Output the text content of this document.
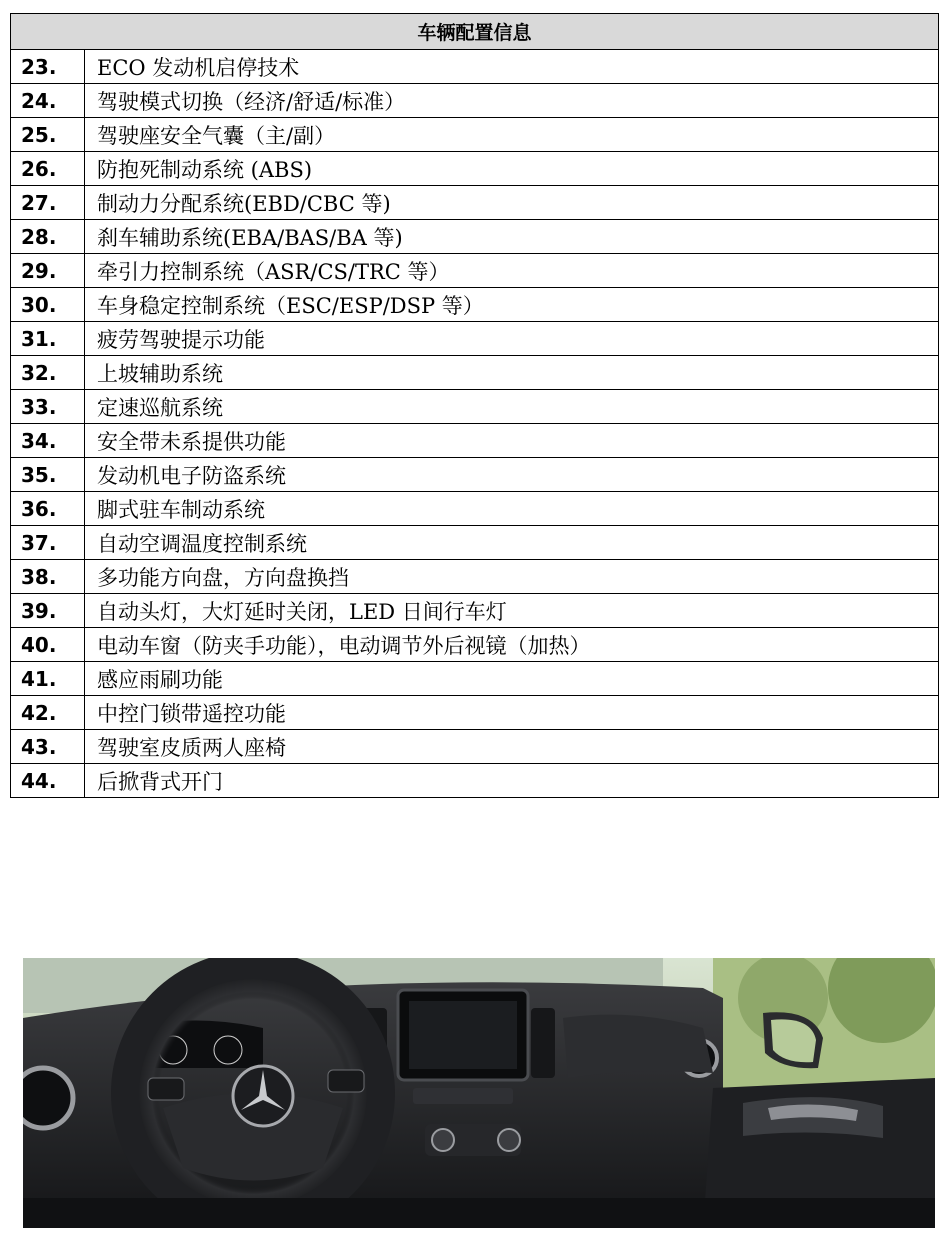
车辆配置信息	
23.	ECO 发动机启停技术
24.	驾驶模式切换（经济/舒适/标准）
25.	驾驶座安全气囊（主/副）
26.	防抱死制动系统 (ABS)
27.	制动力分配系统(EBD/CBC 等)
28.	刹车辅助系统(EBA/BAS/BA 等)
29.	牵引力控制系统（ASR/CS/TRC 等）
30.	车身稳定控制系统（ESC/ESP/DSP 等）
31.	疲劳驾驶提示功能
32.	上坡辅助系统
33.	定速巡航系统
34.	安全带未系提供功能
35.	发动机电子防盗系统
36.	脚式驻车制动系统
37.	自动空调温度控制系统
38.	多功能方向盘，方向盘换挡
39.	自动头灯，大灯延时关闭，LED 日间行车灯
40.	电动车窗（防夹手功能），电动调节外后视镜（加热）
41.	感应雨刷功能
42.	中控门锁带遥控功能
43.	驾驶室皮质两人座椅
44.	后掀背式开门
